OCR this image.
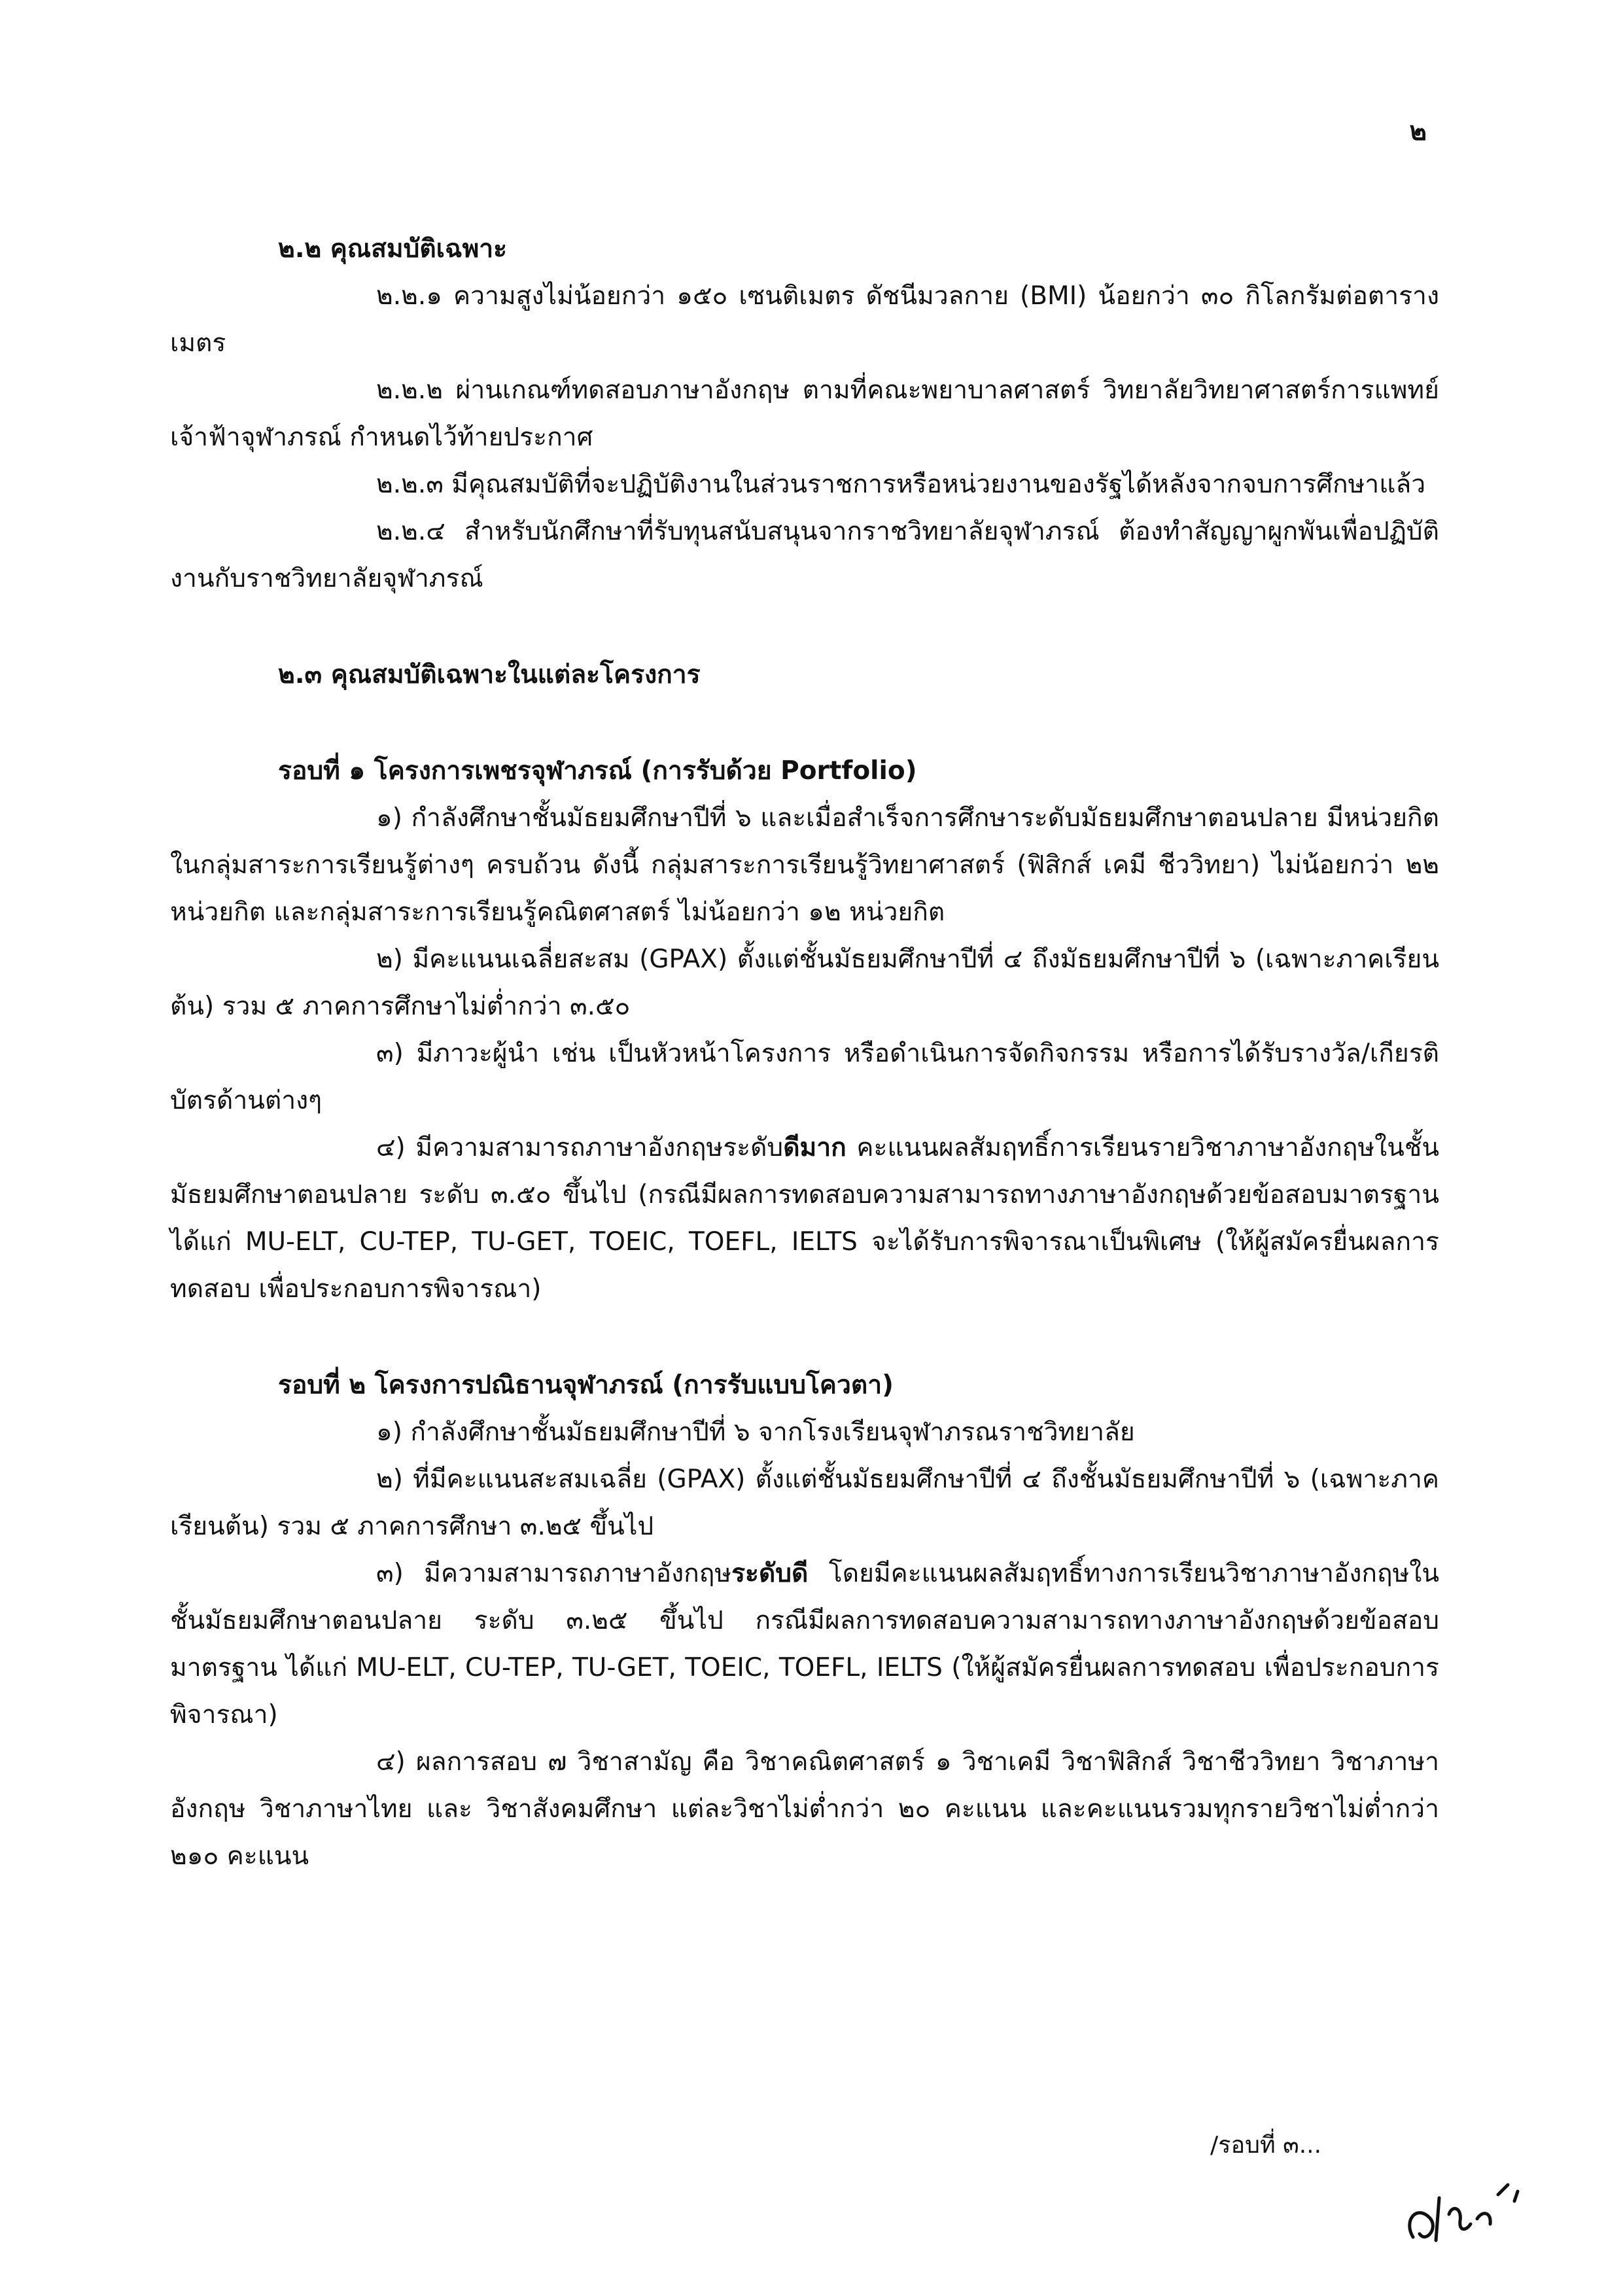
๒

๒.๒ คุณสมบัติเฉพาะ

๒.๒.๑ ความสูงไม่น้อยกว่า ๑๕๐ เซนติเมตร ดัชนีมวลกาย (BMI) น้อยกว่า ๓๐ กิโลกรัมต่อตารางเมตร

๒.๒.๒ ผ่านเกณฑ์ทดสอบภาษาอังกฤษ ตามที่คณะพยาบาลศาสตร์ วิทยาลัยวิทยาศาสตร์การแพทย์เจ้าฟ้าจุฬาภรณ์ กำหนดไว้ท้ายประกาศ

๒.๒.๓ มีคุณสมบัติที่จะปฏิบัติงานในส่วนราชการหรือหน่วยงานของรัฐได้หลังจากจบการศึกษาแล้ว

๒.๒.๔ สำหรับนักศึกษาที่รับทุนสนับสนุนจากราชวิทยาลัยจุฬาภรณ์ ต้องทำสัญญาผูกพันเพื่อปฏิบัติงานกับราชวิทยาลัยจุฬาภรณ์

๒.๓ คุณสมบัติเฉพาะในแต่ละโครงการ

รอบที่ ๑ โครงการเพชรจุฬาภรณ์ (การรับด้วย Portfolio)

๑) กำลังศึกษาชั้นมัธยมศึกษาปีที่ ๖ และเมื่อสำเร็จการศึกษาระดับมัธยมศึกษาตอนปลาย มีหน่วยกิตในกลุ่มสาระการเรียนรู้ต่างๆ ครบถ้วน ดังนี้ กลุ่มสาระการเรียนรู้วิทยาศาสตร์ (ฟิสิกส์ เคมี ชีววิทยา) ไม่น้อยกว่า ๒๒ หน่วยกิต และกลุ่มสาระการเรียนรู้คณิตศาสตร์ ไม่น้อยกว่า ๑๒ หน่วยกิต

๒) มีคะแนนเฉลี่ยสะสม (GPAX) ตั้งแต่ชั้นมัธยมศึกษาปีที่ ๔ ถึงมัธยมศึกษาปีที่ ๖ (เฉพาะภาคเรียนต้น) รวม ๕ ภาคการศึกษาไม่ต่ำกว่า ๓.๕๐

๓) มีภาวะผู้นำ เช่น เป็นหัวหน้าโครงการ หรือดำเนินการจัดกิจกรรม หรือการได้รับรางวัล/เกียรติบัตรด้านต่างๆ

๔) มีความสามารถภาษาอังกฤษระดับดีมาก คะแนนผลสัมฤทธิ์การเรียนรายวิชาภาษาอังกฤษในชั้นมัธยมศึกษาตอนปลาย ระดับ ๓.๕๐ ขึ้นไป (กรณีมีผลการทดสอบความสามารถทางภาษาอังกฤษด้วยข้อสอบมาตรฐาน ได้แก่ MU-ELT, CU-TEP, TU-GET, TOEIC, TOEFL, IELTS จะได้รับการพิจารณาเป็นพิเศษ (ให้ผู้สมัครยื่นผลการทดสอบ เพื่อประกอบการพิจารณา)

รอบที่ ๒ โครงการปณิธานจุฬาภรณ์ (การรับแบบโควตา)

๑) กำลังศึกษาชั้นมัธยมศึกษาปีที่ ๖ จากโรงเรียนจุฬาภรณราชวิทยาลัย

๒) ที่มีคะแนนสะสมเฉลี่ย (GPAX) ตั้งแต่ชั้นมัธยมศึกษาปีที่ ๔ ถึงชั้นมัธยมศึกษาปีที่ ๖ (เฉพาะภาคเรียนต้น) รวม ๕ ภาคการศึกษา ๓.๒๕ ขึ้นไป

๓) มีความสามารถภาษาอังกฤษระดับดี โดยมีคะแนนผลสัมฤทธิ์ทางการเรียนวิชาภาษาอังกฤษในชั้นมัธยมศึกษาตอนปลาย ระดับ ๓.๒๕ ขึ้นไป กรณีมีผลการทดสอบความสามารถทางภาษาอังกฤษด้วยข้อสอบมาตรฐาน ได้แก่ MU-ELT, CU-TEP, TU-GET, TOEIC, TOEFL, IELTS (ให้ผู้สมัครยื่นผลการทดสอบ เพื่อประกอบการพิจารณา)

๔) ผลการสอบ ๗ วิชาสามัญ คือ วิชาคณิตศาสตร์ ๑ วิชาเคมี วิชาฟิสิกส์ วิชาชีววิทยา วิชาภาษาอังกฤษ วิชาภาษาไทย และ วิชาสังคมศึกษา แต่ละวิชาไม่ต่ำกว่า ๒๐ คะแนน และคะแนนรวมทุกรายวิชาไม่ต่ำกว่า ๒๑๐ คะแนน

/รอบที่ ๓...
